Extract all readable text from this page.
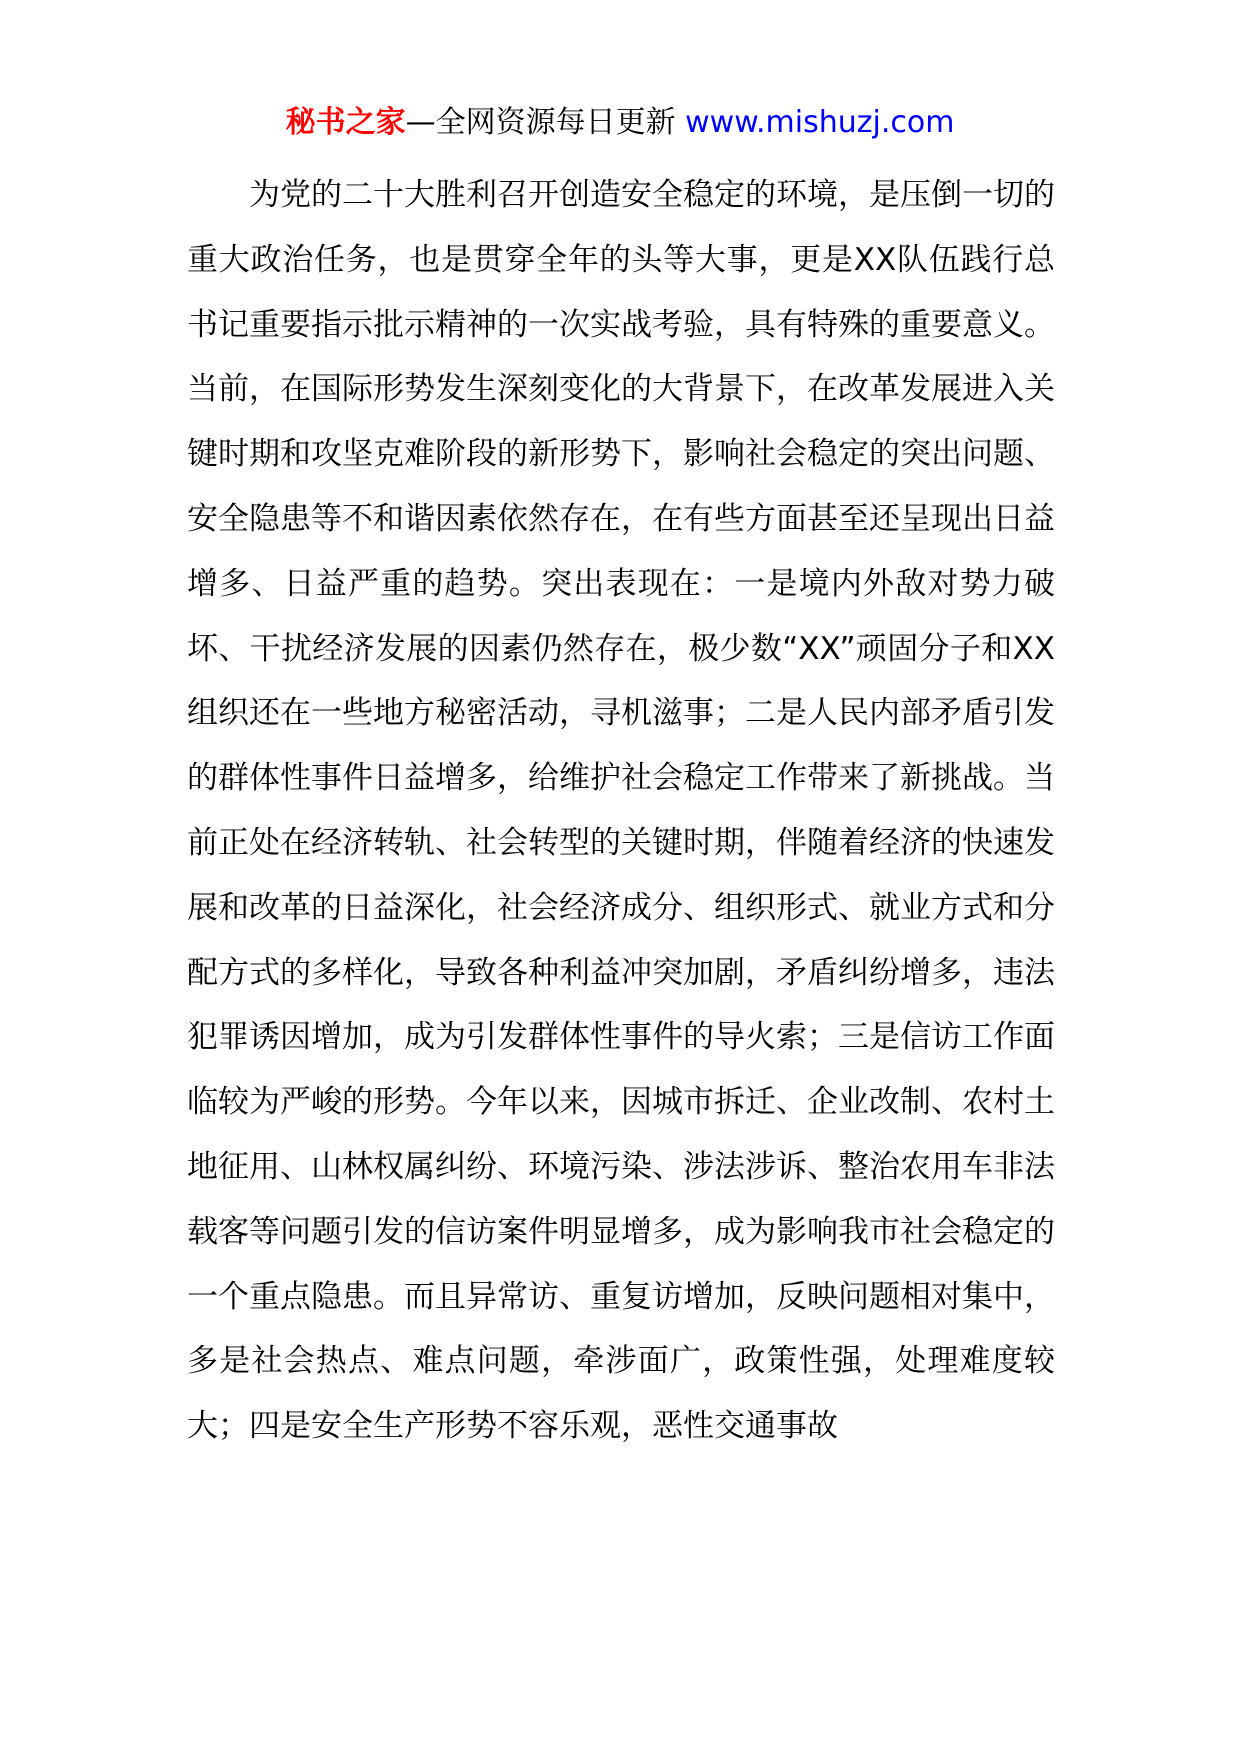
秘书之家—全网资源每日更新 www.mishuzj.com

为党的二十大胜利召开创造安全稳定的环境，是压倒一切的重大政治任务，也是贯穿全年的头等大事，更是XX队伍践行总书记重要指示批示精神的一次实战考验，具有特殊的重要意义。当前，在国际形势发生深刻变化的大背景下，在改革发展进入关键时期和攻坚克难阶段的新形势下，影响社会稳定的突出问题、安全隐患等不和谐因素依然存在，在有些方面甚至还呈现出日益增多、日益严重的趋势。突出表现在：一是境内外敌对势力破坏、干扰经济发展的因素仍然存在，极少数“XX”顽固分子和XX组织还在一些地方秘密活动，寻机滋事；二是人民内部矛盾引发的群体性事件日益增多，给维护社会稳定工作带来了新挑战。当前正处在经济转轨、社会转型的关键时期，伴随着经济的快速发展和改革的日益深化，社会经济成分、组织形式、就业方式和分配方式的多样化，导致各种利益冲突加剧，矛盾纠纷增多，违法犯罪诱因增加，成为引发群体性事件的导火索；三是信访工作面临较为严峻的形势。今年以来，因城市拆迁、企业改制、农村土地征用、山林权属纠纷、环境污染、涉法涉诉、整治农用车非法载客等问题引发的信访案件明显增多，成为影响我市社会稳定的一个重点隐患。而且异常访、重复访增加，反映问题相对集中，多是社会热点、难点问题，牵涉面广，政策性强，处理难度较大；四是安全生产形势不容乐观，恶性交通事故
